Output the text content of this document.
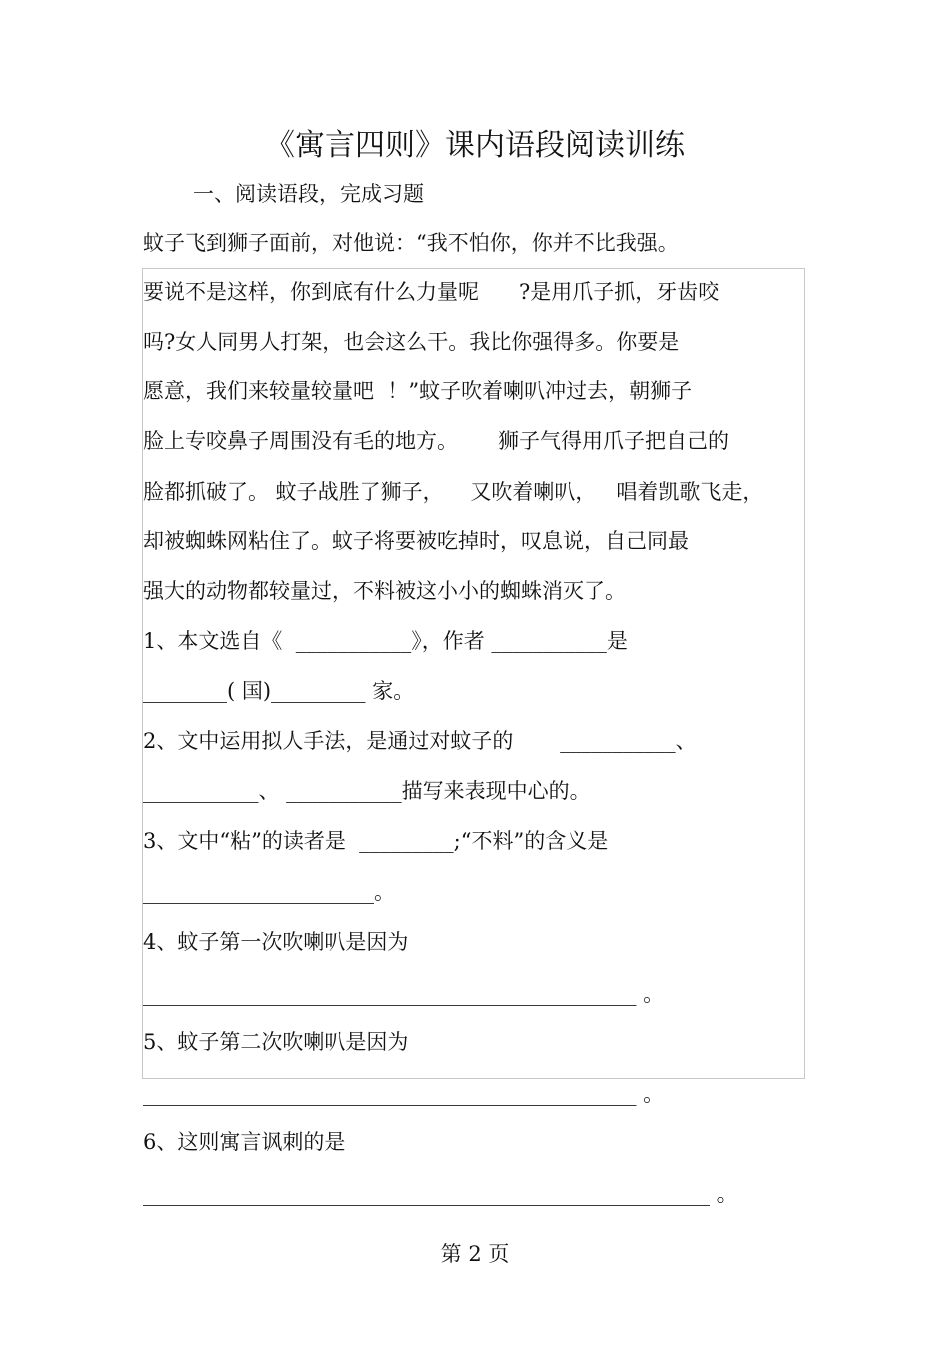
《寓言四则》课内语段阅读训练
一、阅读语段，完成习题
蚊子飞到狮子面前，对他说：“我不怕你，你并不比我强。
要说不是这样，你到底有什么力量呢      ?是用爪子抓，牙齿咬
吗?女人同男人打架，也会这么干。我比你强得多。你要是
愿意，我们来较量较量吧  ！”蚊子吹着喇叭冲过去，朝狮子
脸上专咬鼻子周围没有毛的地方。      狮子气得用爪子把自己的
脸都抓破了。 蚊子战胜了狮子，    又吹着喇叭，   唱着凯歌飞走，
却被蜘蛛网粘住了。蚊子将要被吃掉时，叹息说，自己同最
强大的动物都较量过，不料被这小小的蜘蛛消灭了。
1、本文选自《  ___________》，作者 ___________是
________( 国)_________ 家。
2、文中运用拟人手法，是通过对蚊子的       ___________、
___________、 ___________描写来表现中心的。
3、文中“粘”的读者是  _________;“不料”的含义是
______________________。
4、蚊子第一次吹喇叭是因为
_______________________________________________ 。
5、蚊子第二次吹喇叭是因为
_______________________________________________ 。
6、这则寓言讽刺的是
______________________________________________________ 。
第 2 页
